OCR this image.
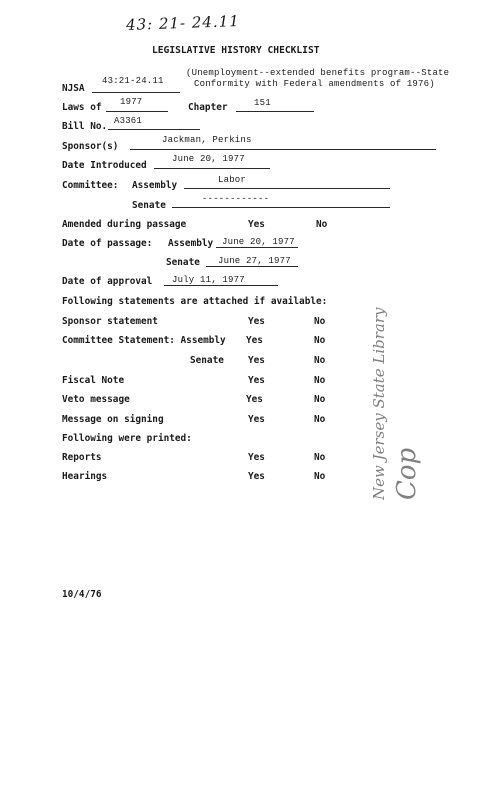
43: 21- 24.11
LEGISLATIVE HISTORY CHECKLIST
NJSA
43:21-24.11
(Unemployment--extended benefits program--State
Conformity with Federal amendments of 1976)
Laws of 1977	Chapter	151
Bill No. A3361
Sponsor(s)
Jackman, Perkins
Date Introduced
June 20, 1977
Committee: Assembly	Labor
Senate
------------
Amended during passage	Yes	No
Date of passage: Assembly June 20, 1977
Senate June 27, 1977
Date of approval July 11, 1977
Following statements are attached if available:
Sponsor statement	Yes	No
Committee Statement: Assembly Yes	No
Senate	Yes	No
Fiscal Note	Yes	No
Veto message	Yes	No
Message on signing	Yes	No
Following were printed:
Reports	Yes	No
Hearings	Yes	No
10/4/76
New Jersey State Library Cop
